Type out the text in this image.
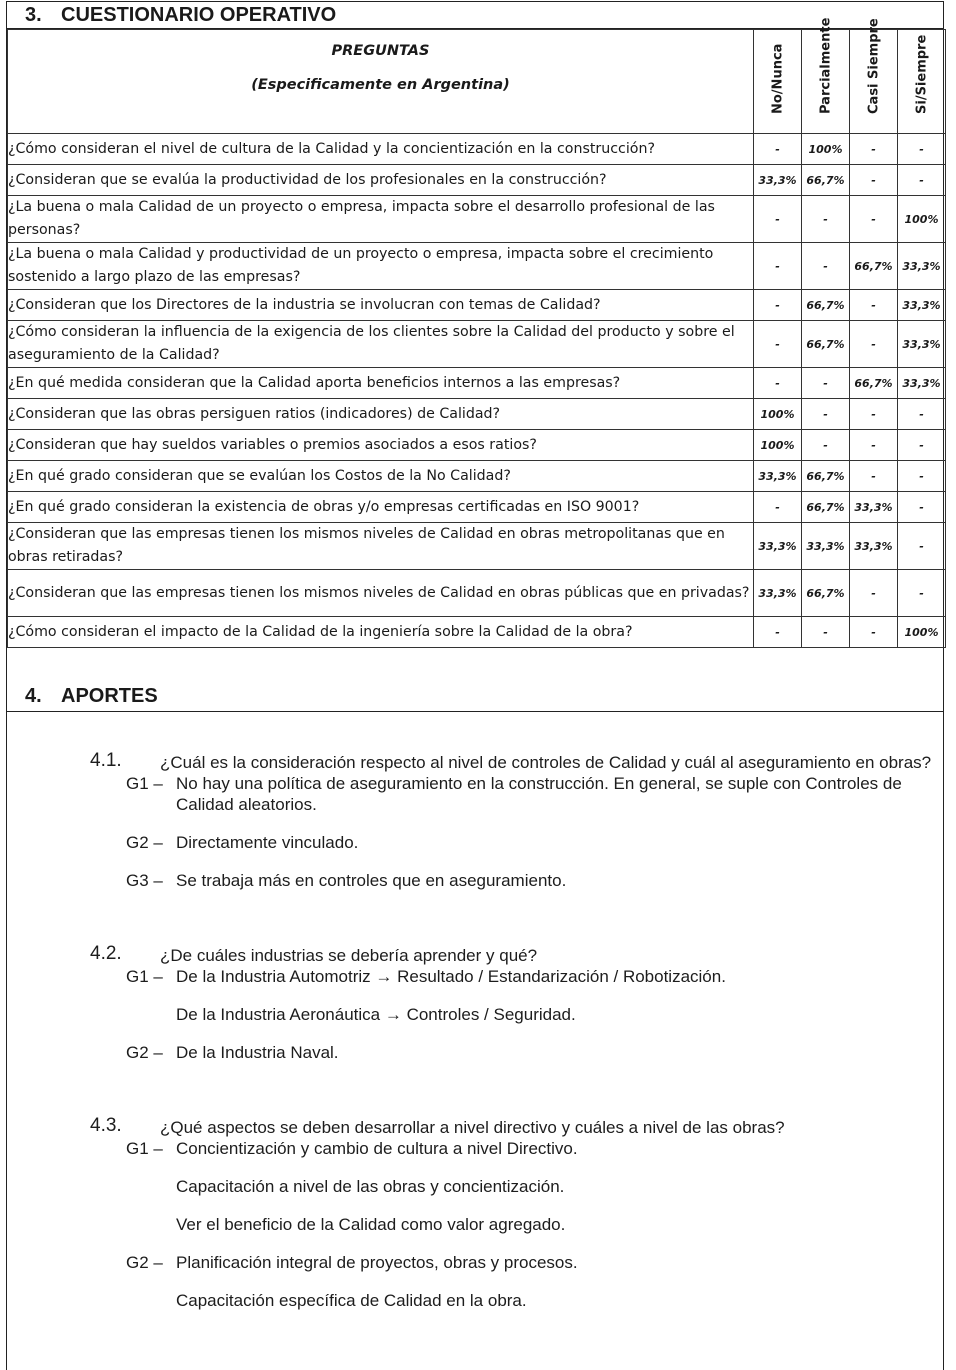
3. CUESTIONARIO OPERATIVO
PREGUNTAS
(Especificamente en Argentina)	No/Nunca	Parcialmente	Casi Siempre	Si/Siempre

¿Cómo consideran el nivel de cultura de la Calidad y la concientización en la construcción?	-	100%	-	-
¿Consideran que se evalúa la productividad de los profesionales en la construcción?	33,3%	66,7%	-	-
¿La buena o mala Calidad de un proyecto o empresa, impacta sobre el desarrollo profesional de las personas?	-	-	-	100%
¿La buena o mala Calidad y productividad de un proyecto o empresa, impacta sobre el crecimiento sostenido a largo plazo de las empresas?	-	-	66,7%	33,3%
¿Consideran que los Directores de la industria se involucran con temas de Calidad?	-	66,7%	-	33,3%
¿Cómo consideran la influencia de la exigencia de los clientes sobre la Calidad del producto y sobre el aseguramiento de la Calidad?	-	66,7%	-	33,3%
¿En qué medida consideran que la Calidad aporta beneficios internos a las empresas?	-	-	66,7%	33,3%
¿Consideran que las obras persiguen ratios (indicadores) de Calidad?	100%	-	-	-
¿Consideran que hay sueldos variables o premios asociados a esos ratios?	100%	-	-	-
¿En qué grado consideran que se evalúan los Costos de la No Calidad?	33,3%	66,7%	-	-
¿En qué grado consideran la existencia de obras y/o empresas certificadas en ISO 9001?	-	66,7%	33,3%	-
¿Consideran que las empresas tienen los mismos niveles de Calidad en obras metropolitanas que en obras retiradas?	33,3%	33,3%	33,3%	-
¿Consideran que las empresas tienen los mismos niveles de Calidad en obras públicas que en privadas?	33,3%	66,7%	-	-
¿Cómo consideran el impacto de la Calidad de la ingeniería sobre la Calidad de la obra?	-	-	-	100%
4. APORTES
4.1.	¿Cuál es la consideración respecto al nivel de controles de Calidad y cuál al aseguramiento en obras?
G1 – No hay una política de aseguramiento en la construcción. En general, se suple con Controles de Calidad aleatorios.
G2 – Directamente vinculado.
G3 – Se trabaja más en controles que en aseguramiento.
4.2.	¿De cuáles industrias se debería aprender y qué?
G1 – De la Industria Automotriz → Resultado / Estandarización / Robotización.
De la Industria Aeronáutica → Controles / Seguridad.
G2 – De la Industria Naval.
4.3.	¿Qué aspectos se deben desarrollar a nivel directivo y cuáles a nivel de las obras?
G1 – Concientización y cambio de cultura a nivel Directivo.
Capacitación a nivel de las obras y concientización.
Ver el beneficio de la Calidad como valor agregado.
G2 – Planificación integral de proyectos, obras y procesos.
Capacitación específica de Calidad en la obra.
